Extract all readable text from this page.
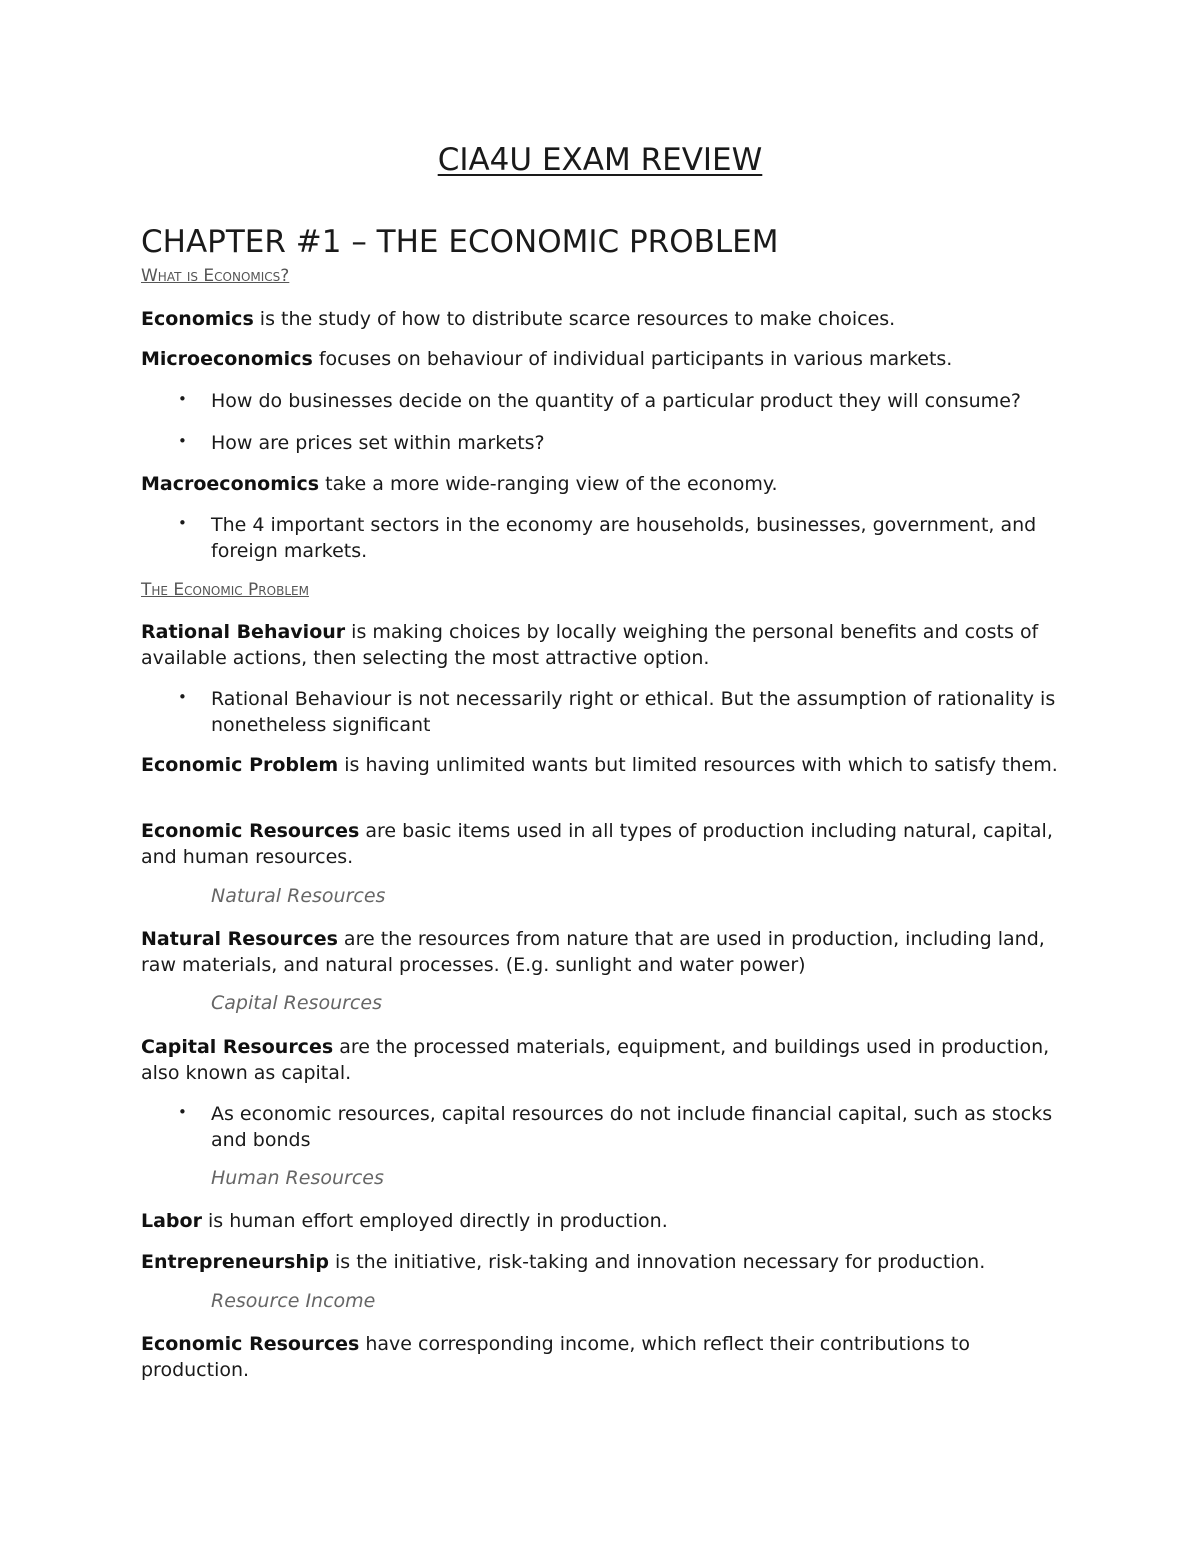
CIA4U EXAM REVIEW
CHAPTER #1 – THE ECONOMIC PROBLEM
What is Economics?

Economics is the study of how to distribute scarce resources to make choices.

Microeconomics focuses on behaviour of individual participants in various markets.

•	How do businesses decide on the quantity of a particular product they will consume?
•	How are prices set within markets?

Macroeconomics take a more wide-ranging view of the economy.

•	The 4 important sectors in the economy are households, businesses, government, and foreign markets.
The Economic Problem

Rational Behaviour is making choices by locally weighing the personal benefits and costs of available actions, then selecting the most attractive option.

•	Rational Behaviour is not necessarily right or ethical. But the assumption of rationality is nonetheless significant

Economic Problem is having unlimited wants but limited resources with which to satisfy them.

Economic Resources are basic items used in all types of production including natural, capital, and human resources.

Natural Resources

Natural Resources are the resources from nature that are used in production, including land, raw materials, and natural processes. (E.g. sunlight and water power)

Capital Resources

Capital Resources are the processed materials, equipment, and buildings used in production, also known as capital.

•	As economic resources, capital resources do not include financial capital, such as stocks and bonds
Human Resources

Labor is human effort employed directly in production.

Entrepreneurship is the initiative, risk-taking and innovation necessary for production.

Resource Income

Economic Resources have corresponding income, which reflect their contributions to production.
